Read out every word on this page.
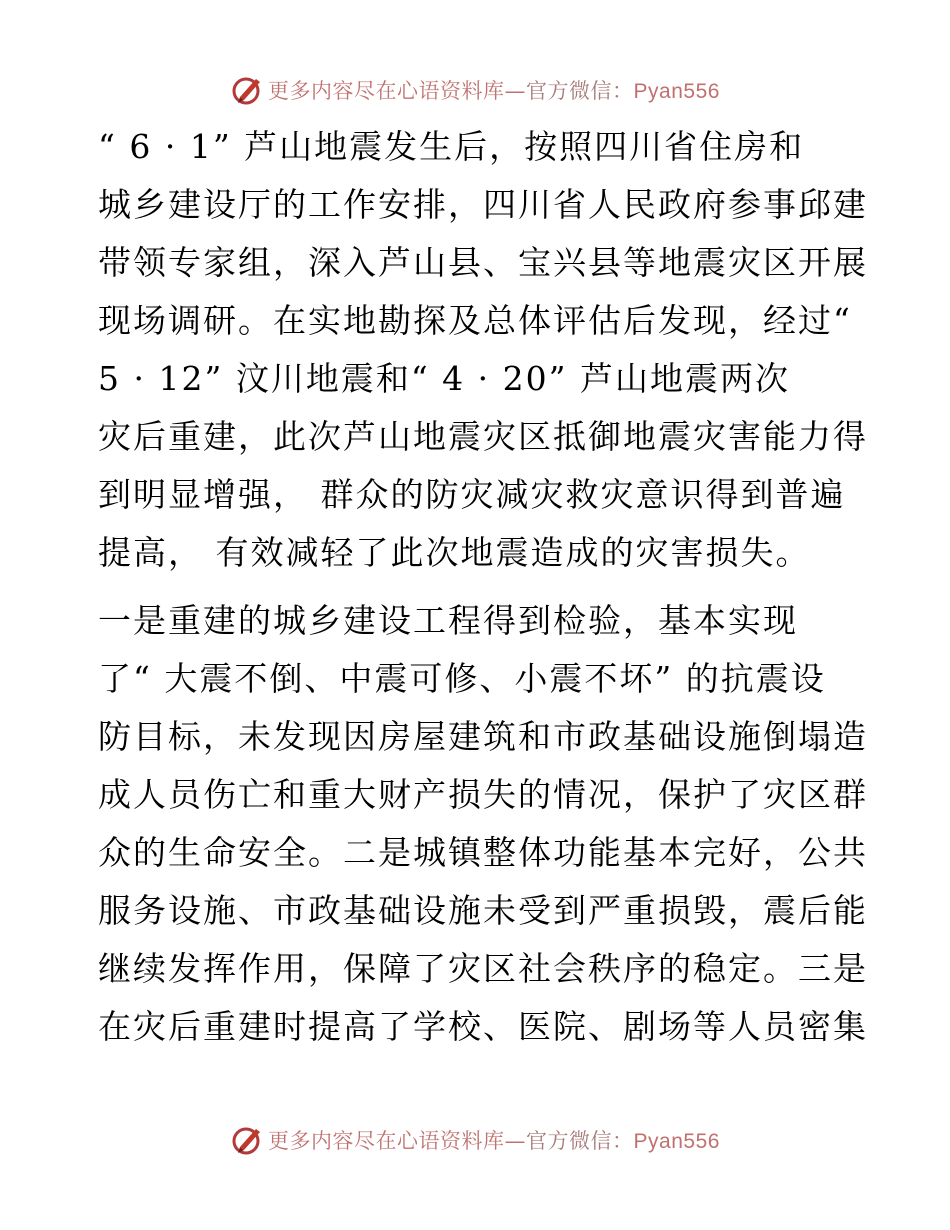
更多内容尽在心语资料库—官方微信：Pyan556
“ 6 · 1” 芦山地震发生后，按照四川省住房和
城乡建设厅的工作安排，四川省人民政府参事邱建
带领专家组，深入芦山县、宝兴县等地震灾区开展
现场调研。在实地勘探及总体评估后发现，经过“
5 · 12” 汶川地震和“ 4 · 20” 芦山地震两次
灾后重建，此次芦山地震灾区抵御地震灾害能力得
到明显增强， 群众的防灾减灾救灾意识得到普遍
提高， 有效减轻了此次地震造成的灾害损失。
一是重建的城乡建设工程得到检验，基本实现
了“ 大震不倒、中震可修、小震不坏” 的抗震设
防目标，未发现因房屋建筑和市政基础设施倒塌造
成人员伤亡和重大财产损失的情况，保护了灾区群
众的生命安全。二是城镇整体功能基本完好，公共
服务设施、市政基础设施未受到严重损毁，震后能
继续发挥作用，保障了灾区社会秩序的稳定。三是
在灾后重建时提高了学校、医院、剧场等人员密集
更多内容尽在心语资料库—官方微信：Pyan556
